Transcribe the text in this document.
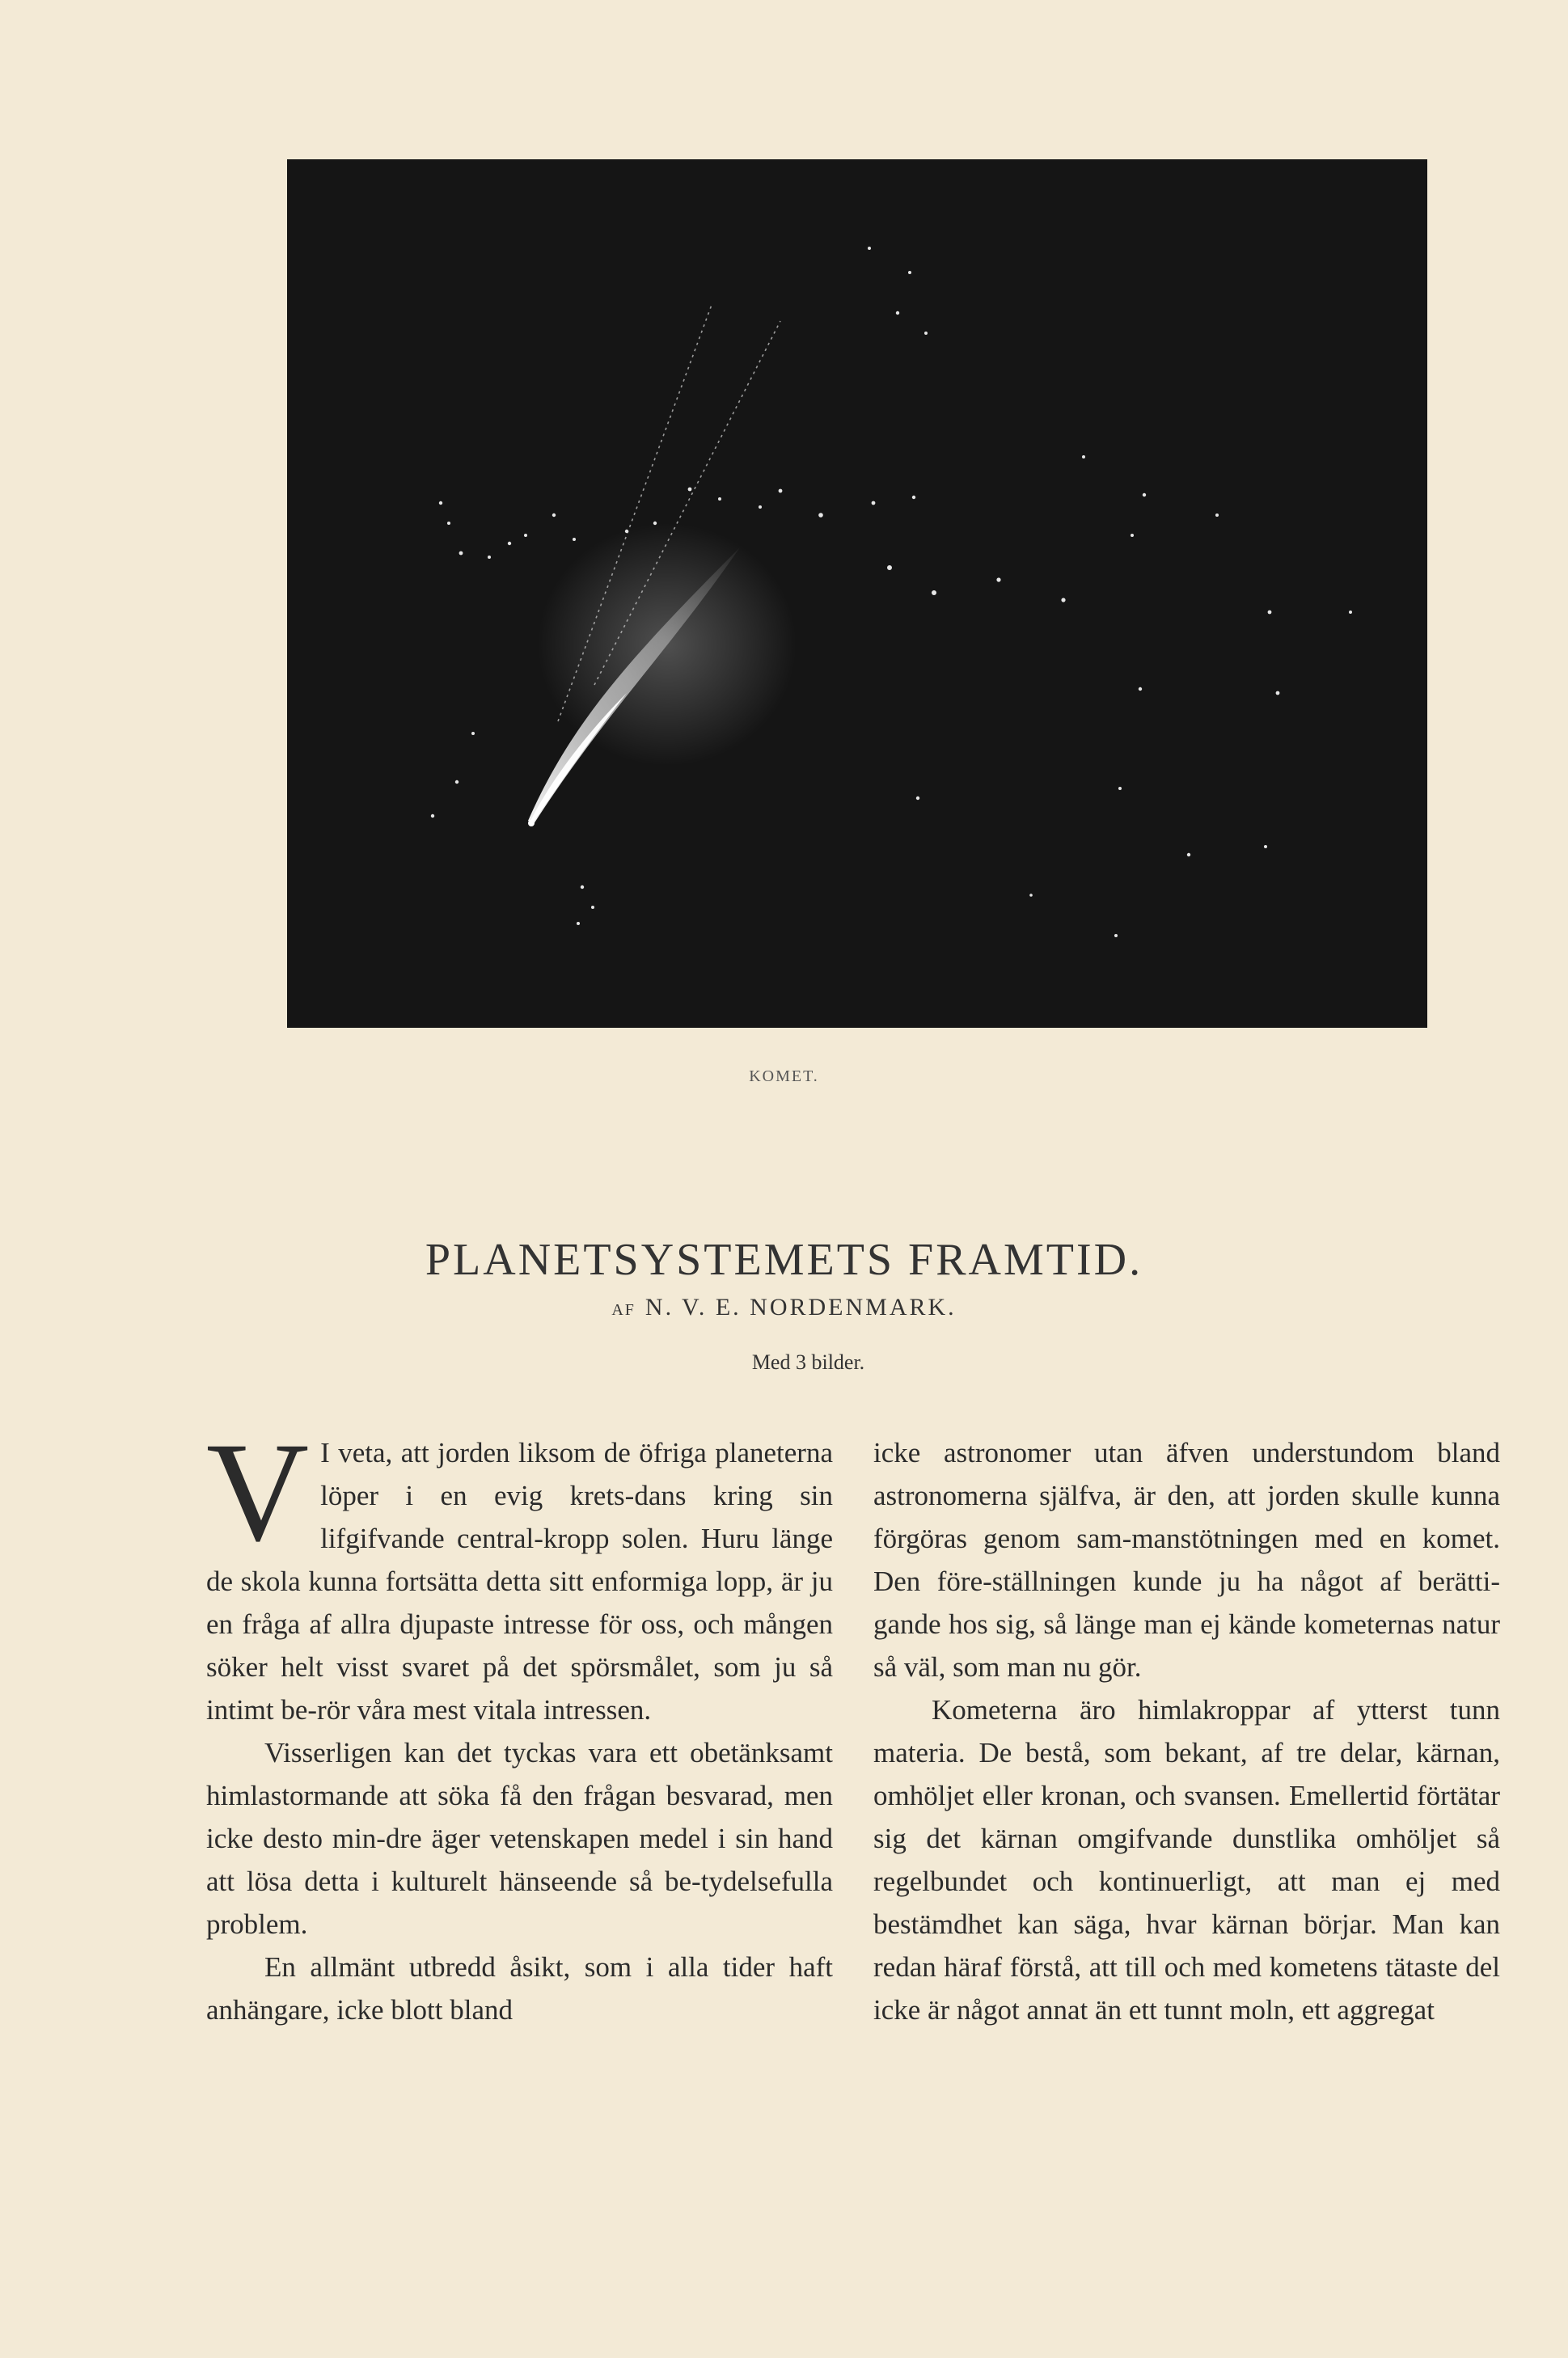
KOMET.
PLANETSYSTEMETS FRAMTID.
AF N. V. E. NORDENMARK.
Med 3 bilder.

V I veta, att jorden liksom de öfriga planeterna löper i en evig krets-dans kring sin lifgifvande central-kropp solen. Huru länge de skola kunna fortsätta detta sitt enformiga lopp, är ju en fråga af allra djupaste intresse för oss, och mången söker helt visst svaret på det spörsmålet, som ju så intimt be-rör våra mest vitala intressen.

Visserligen kan det tyckas vara ett obetänksamt himlastormande att söka få den frågan besvarad, men icke desto min-dre äger vetenskapen medel i sin hand att lösa detta i kulturelt hänseende så be-tydelsefulla problem.

En allmänt utbredd åsikt, som i alla tider haft anhängare, icke blott bland

icke astronomer utan äfven understundom bland astronomerna själfva, är den, att jorden skulle kunna förgöras genom sam-manstötningen med en komet. Den före-ställningen kunde ju ha något af berätti-gande hos sig, så länge man ej kände kometernas natur så väl, som man nu gör.

Kometerna äro himlakroppar af ytterst tunn materia. De bestå, som bekant, af tre delar, kärnan, omhöljet eller kronan, och svansen. Emellertid förtätar sig det kärnan omgifvande dunstlika omhöljet så regelbundet och kontinuerligt, att man ej med bestämdhet kan säga, hvar kärnan börjar. Man kan redan häraf förstå, att till och med kometens tätaste del icke är något annat än ett tunnt moln, ett aggregat
